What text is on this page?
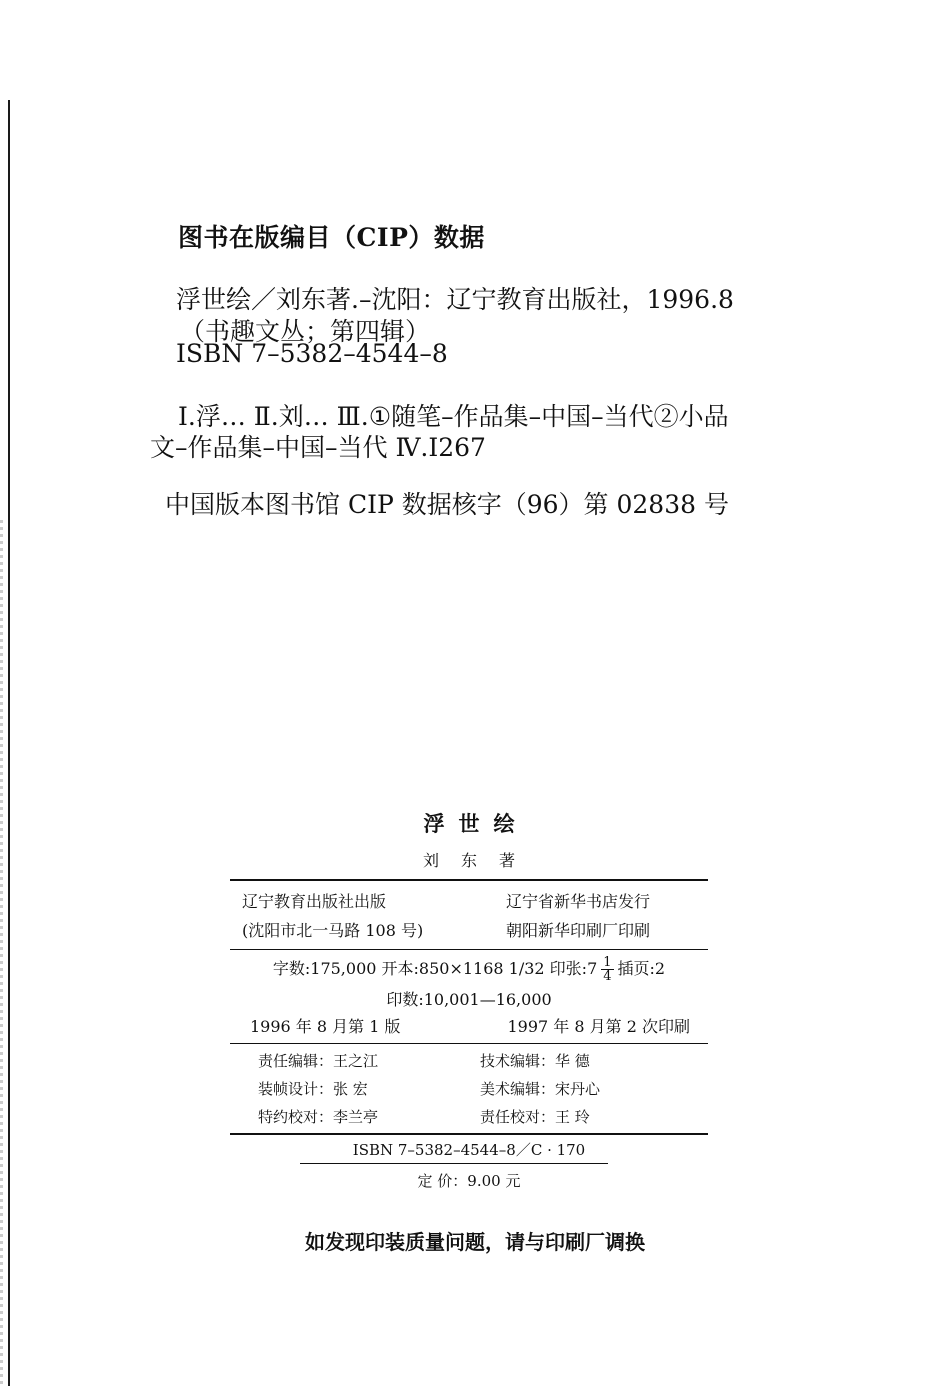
图书在版编目（CIP）数据
浮世绘／刘东著.–沈阳：辽宁教育出版社，1996.8
（书趣文丛；第四辑）
ISBN 7–5382–4544–8
Ⅰ.浮… Ⅱ.刘… Ⅲ.①随笔–作品集–中国–当代②小品
文–作品集–中国–当代 Ⅳ.I267
中国版本图书馆 CIP 数据核字（96）第 02838 号
浮世绘
刘东著
辽宁教育出版社出版	辽宁省新华书店发行
(沈阳市北一马路 108 号)	朝阳新华印刷厂印刷
字数:175,000 开本:850×1168 1/32 印张:7 $\frac{1}{4}$ 插页:2
印数:10,001—16,000
1996 年 8 月第 1 版	1997 年 8 月第 2 次印刷
责任编辑：王之江	技术编辑：华 德
装帧设计：张 宏	美术编辑：宋丹心
特约校对：李兰亭	责任校对：王 玲
ISBN 7–5382–4544–8／C · 170
定 价：9.00 元
如发现印装质量问题，请与印刷厂调换
